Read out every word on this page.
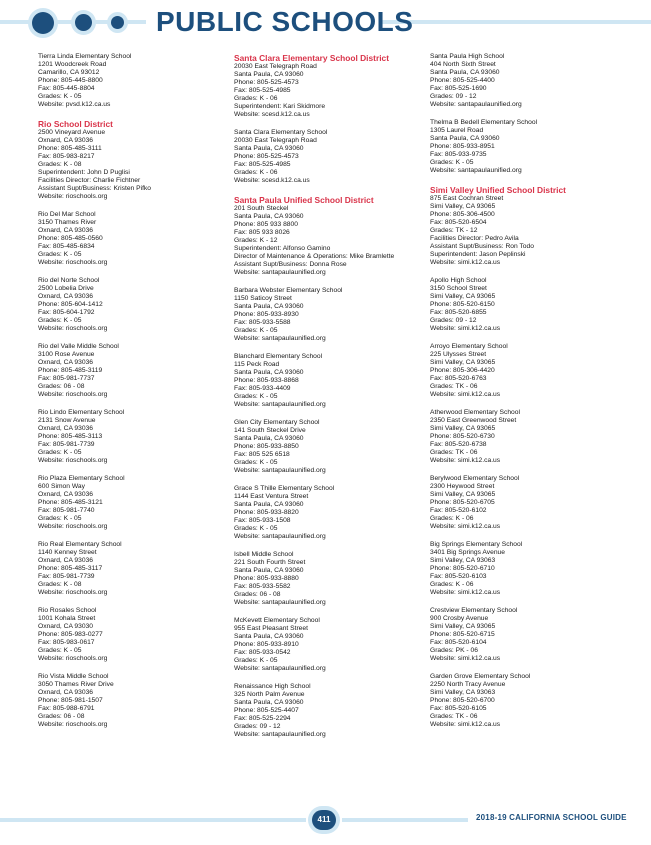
PUBLIC SCHOOLS
Tierra Linda Elementary School
1201 Woodcreek Road
Camarillo, CA 93012
Phone: 805-445-8800
Fax: 805-445-8804
Grades: K - 05
Website: pvsd.k12.ca.us
Rio School District
2500 Vineyard Avenue
Oxnard, CA 93036
Phone: 805-485-3111
Fax: 805-983-8217
Grades: K - 08
Superintendent: John D Puglisi
Facilities Director: Charlie Fichtner
Assistant Supt/Business: Kristen Pifko
Website: rioschools.org
Rio Del Mar School
3150 Thames River
Oxnard, CA 93036
Phone: 805-485-0560
Fax: 805-485-6834
Grades: K - 05
Website: rioschools.org
Rio del Norte School
2500 Lobelia Drive
Oxnard, CA 93036
Phone: 805-604-1412
Fax: 805-604-1792
Grades: K - 05
Website: rioschools.org
Rio del Valle Middle School
3100 Rose Avenue
Oxnard, CA 93036
Phone: 805-485-3119
Fax: 805-981-7737
Grades: 06 - 08
Website: rioschools.org
Rio Lindo Elementary School
2131 Snow Avenue
Oxnard, CA 93036
Phone: 805-485-3113
Fax: 805-981-7739
Grades: K - 05
Website: rioschools.org
Rio Plaza Elementary School
600 Simon Way
Oxnard, CA 93036
Phone: 805-485-3121
Fax: 805-981-7740
Grades: K - 05
Website: rioschools.org
Rio Real Elementary School
1140 Kenney Street
Oxnard, CA 93036
Phone: 805-485-3117
Fax: 805-981-7739
Grades: K - 08
Website: rioschools.org
Rio Rosales School
1001 Kohala Street
Oxnard, CA 93030
Phone: 805-983-0277
Fax: 805-983-0617
Grades: K - 05
Website: rioschools.org
Rio Vista Middle School
3050 Thames River Drive
Oxnard, CA 93036
Phone: 805-981-1507
Fax: 805-988-6791
Grades: 06 - 08
Website: rioschools.org
Santa Clara Elementary School District
20030 East Telegraph Road
Santa Paula, CA 93060
Phone: 805-525-4573
Fax: 805-525-4985
Grades: K - 06
Superintendent: Kari Skidmore
Website: scesd.k12.ca.us
Santa Clara Elementary School
20030 East Telegraph Road
Santa Paula, CA 93060
Phone: 805-525-4573
Fax: 805-525-4985
Grades: K - 06
Website: scesd.k12.ca.us
Santa Paula Unified School District
201 South Steckel
Santa Paula, CA 93060
Phone: 805 933 8800
Fax: 805 933 8026
Grades: K - 12
Superintendent: Alfonso Gamino
Director of Maintenance & Operations: Mike Bramlette
Assistant Supt/Business: Donna Rose
Website: santapaulaunified.org
Barbara Webster Elementary School
1150 Saticoy Street
Santa Paula, CA 93060
Phone: 805-933-8930
Fax: 805-933-5588
Grades: K - 05
Website: santapaulaunified.org
Blanchard Elementary School
115 Peck Road
Santa Paula, CA 93060
Phone: 805-933-8868
Fax: 805-933-4409
Grades: K - 05
Website: santapaulaunified.org
Glen City Elementary School
141 South Steckel Drive
Santa Paula, CA 93060
Phone: 805-933-8850
Fax: 805 525 6518
Grades: K - 05
Website: santapaulaunified.org
Grace S Thille Elementary School
1144 East Ventura Street
Santa Paula, CA 93060
Phone: 805-933-8820
Fax: 805-933-1508
Grades: K - 05
Website: santapaulaunified.org
Isbell Middle School
221 South Fourth Street
Santa Paula, CA 93060
Phone: 805-933-8880
Fax: 805-933-5582
Grades: 06 - 08
Website: santapaulaunified.org
McKevett Elementary School
955 East Pleasant Street
Santa Paula, CA 93060
Phone: 805-933-8910
Fax: 805-933-0542
Grades: K - 05
Website: santapaulaunified.org
Renaissance High School
325 North Palm Avenue
Santa Paula, CA 93060
Phone: 805-525-4407
Fax: 805-525-2294
Grades: 09 - 12
Website: santapaulaunified.org
Santa Paula High School
404 North Sixth Street
Santa Paula, CA 93060
Phone: 805-525-4400
Fax: 805-525-1690
Grades: 09 - 12
Website: santapaulaunified.org
Thelma B Bedell Elementary School
1305 Laurel Road
Santa Paula, CA 93060
Phone: 805-933-8951
Fax: 805-933-9735
Grades: K - 05
Website: santapaulaunified.org
Simi Valley Unified School District
875 East Cochran Street
Simi Valley, CA 93065
Phone: 805-306-4500
Fax: 805-520-6504
Grades: TK - 12
Facilities Director: Pedro Avila
Assistant Supt/Business: Ron Todo
Superintendent: Jason Peplinski
Website: simi.k12.ca.us
Apollo High School
3150 School Street
Simi Valley, CA 93065
Phone: 805-520-6150
Fax: 805-520-6855
Grades: 09 - 12
Website: simi.k12.ca.us
Arroyo Elementary School
225 Ulysses Street
Simi Valley, CA 93065
Phone: 805-306-4420
Fax: 805-520-6763
Grades: TK - 06
Website: simi.k12.ca.us
Atherwood Elementary School
2350 East Greenwood Street
Simi Valley, CA 93065
Phone: 805-520-6730
Fax: 805-520-6738
Grades: TK - 06
Website: simi.k12.ca.us
Berylwood Elementary School
2300 Heywood Street
Simi Valley, CA 93065
Phone: 805-520-6705
Fax: 805-520-6102
Grades: K - 06
Website: simi.k12.ca.us
Big Springs Elementary School
3401 Big Springs Avenue
Simi Valley, CA 93063
Phone: 805-520-6710
Fax: 805-520-6103
Grades: K - 06
Website: simi.k12.ca.us
Crestview Elementary School
900 Crosby Avenue
Simi Valley, CA 93065
Phone: 805-520-6715
Fax: 805-520-6104
Grades: PK - 06
Website: simi.k12.ca.us
Garden Grove Elementary School
2250 North Tracy Avenue
Simi Valley, CA 93063
Phone: 805-520-6700
Fax: 805-520-6105
Grades: TK - 06
Website: simi.k12.ca.us
411	2018-19 CALIFORNIA SCHOOL GUIDE
